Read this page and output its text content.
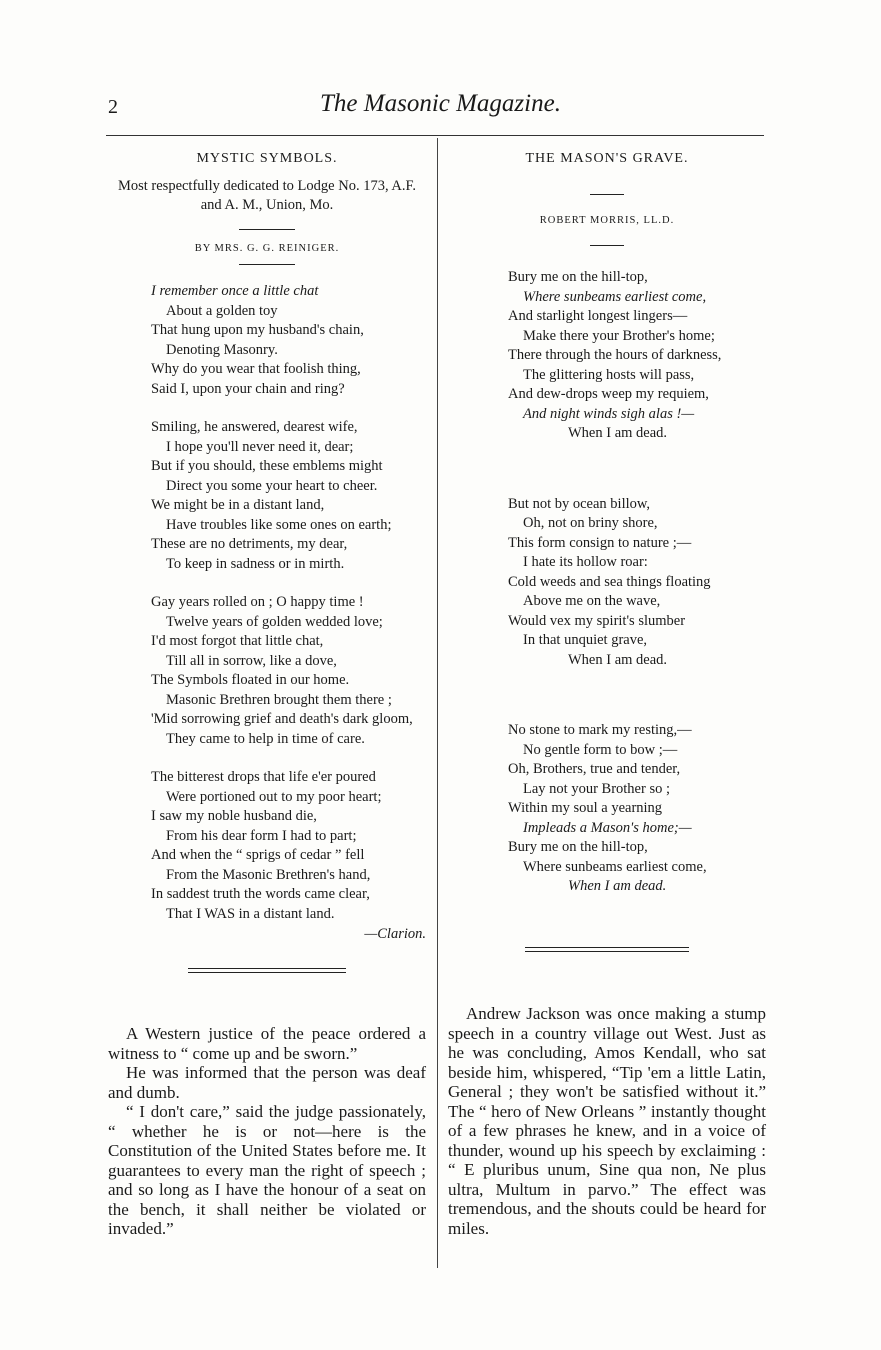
2	The Masonic Magazine.

MYSTIC SYMBOLS.

Most respectfully dedicated to Lodge No. 173, A.F. and A. M., Union, Mo.

BY MRS. G. G. REINIGER.

I remember once a little chat
About a golden toy
That hung upon my husband's chain,
Denoting Masonry.
Why do you wear that foolish thing,
Said I, upon your chain and ring?

Smiling, he answered, dearest wife,
I hope you'll never need it, dear;
But if you should, these emblems might
Direct you some your heart to cheer.
We might be in a distant land,
Have troubles like some ones on earth;
These are no detriments, my dear,
To keep in sadness or in mirth.

Gay years rolled on ; O happy time !
Twelve years of golden wedded love;
I'd most forgot that little chat,
Till all in sorrow, like a dove,
The Symbols floated in our home.
Masonic Brethren brought them there ;
'Mid sorrowing grief and death's dark gloom,
They came to help in time of care.

The bitterest drops that life e'er poured
Were portioned out to my poor heart;
I saw my noble husband die,
From his dear form I had to part;
And when the “ sprigs of cedar ” fell
From the Masonic Brethren's hand,
In saddest truth the words came clear,
That I WAS in a distant land.

—Clarion.

THE MASON'S GRAVE.

ROBERT MORRIS, LL.D.

Bury me on the hill-top,
Where sunbeams earliest come,
And starlight longest lingers—
Make there your Brother's home;
There through the hours of darkness,
The glittering hosts will pass,
And dew-drops weep my requiem,
And night winds sigh alas !—
When I am dead.

But not by ocean billow,
Oh, not on briny shore,
This form consign to nature ;—
I hate its hollow roar:
Cold weeds and sea things floating
Above me on the wave,
Would vex my spirit's slumber
In that unquiet grave,
When I am dead.

No stone to mark my resting,—
No gentle form to bow ;—
Oh, Brothers, true and tender,
Lay not your Brother so ;
Within my soul a yearning
Impleads a Mason's home;—
Bury me on the hill-top,
Where sunbeams earliest come,
When I am dead.

A Western justice of the peace ordered a witness to “ come up and be sworn.”

He was informed that the person was deaf and dumb.

“ I don't care,” said the judge passionately, “ whether he is or not—here is the Constitution of the United States before me. It guarantees to every man the right of speech ; and so long as I have the honour of a seat on the bench, it shall neither be violated or invaded.”

Andrew Jackson was once making a stump speech in a country village out West. Just as he was concluding, Amos Kendall, who sat beside him, whispered, “Tip 'em a little Latin, General ; they won't be satisfied without it.” The “ hero of New Orleans ” instantly thought of a few phrases he knew, and in a voice of thunder, wound up his speech by exclaiming : “ E pluribus unum, Sine qua non, Ne plus ultra, Multum in parvo.” The effect was tremendous, and the shouts could be heard for miles.
